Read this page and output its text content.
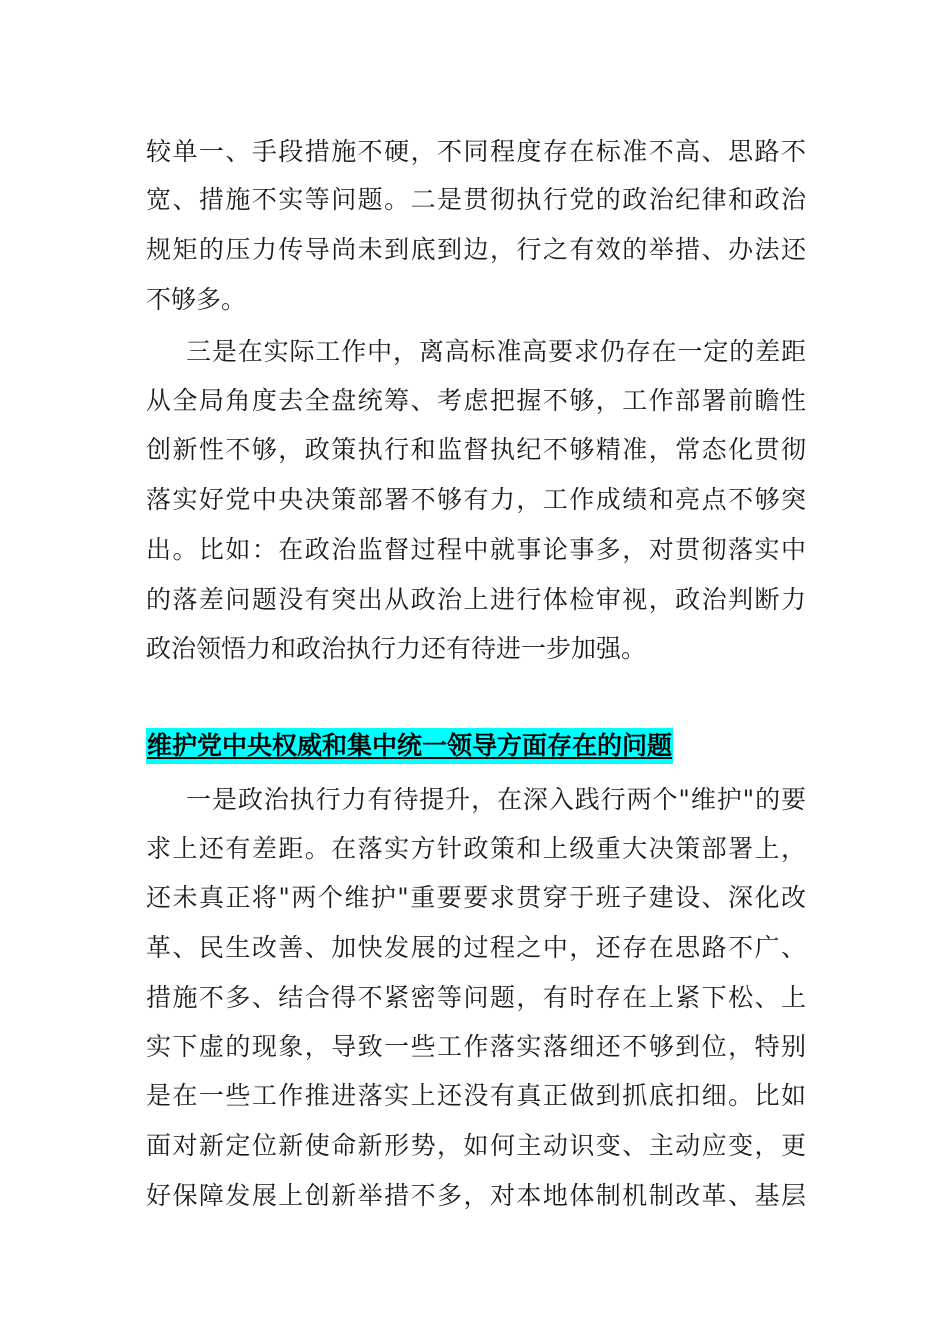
较单一、手段措施不硬，不同程度存在标准不高、思路不
宽、措施不实等问题。二是贯彻执行党的政治纪律和政治
规矩的压力传导尚未到底到边，行之有效的举措、办法还
不够多。
三是在实际工作中，离高标准高要求仍存在一定的差距
从全局角度去全盘统筹、考虑把握不够，工作部署前瞻性
创新性不够，政策执行和监督执纪不够精准，常态化贯彻
落实好党中央决策部署不够有力，工作成绩和亮点不够突
出。比如：在政治监督过程中就事论事多，对贯彻落实中
的落差问题没有突出从政治上进行体检审视，政治判断力
政治领悟力和政治执行力还有待进一步加强。
维护党中央权威和集中统一领导方面存在的问题
一是政治执行力有待提升，在深入践行两个"维护"的要
求上还有差距。在落实方针政策和上级重大决策部署上，
还未真正将"两个维护"重要要求贯穿于班子建设、深化改
革、民生改善、加快发展的过程之中，还存在思路不广、
措施不多、结合得不紧密等问题，有时存在上紧下松、上
实下虚的现象，导致一些工作落实落细还不够到位，特别
是在一些工作推进落实上还没有真正做到抓底扣细。比如
面对新定位新使命新形势，如何主动识变、主动应变，更
好保障发展上创新举措不多，对本地体制机制改革、基层
